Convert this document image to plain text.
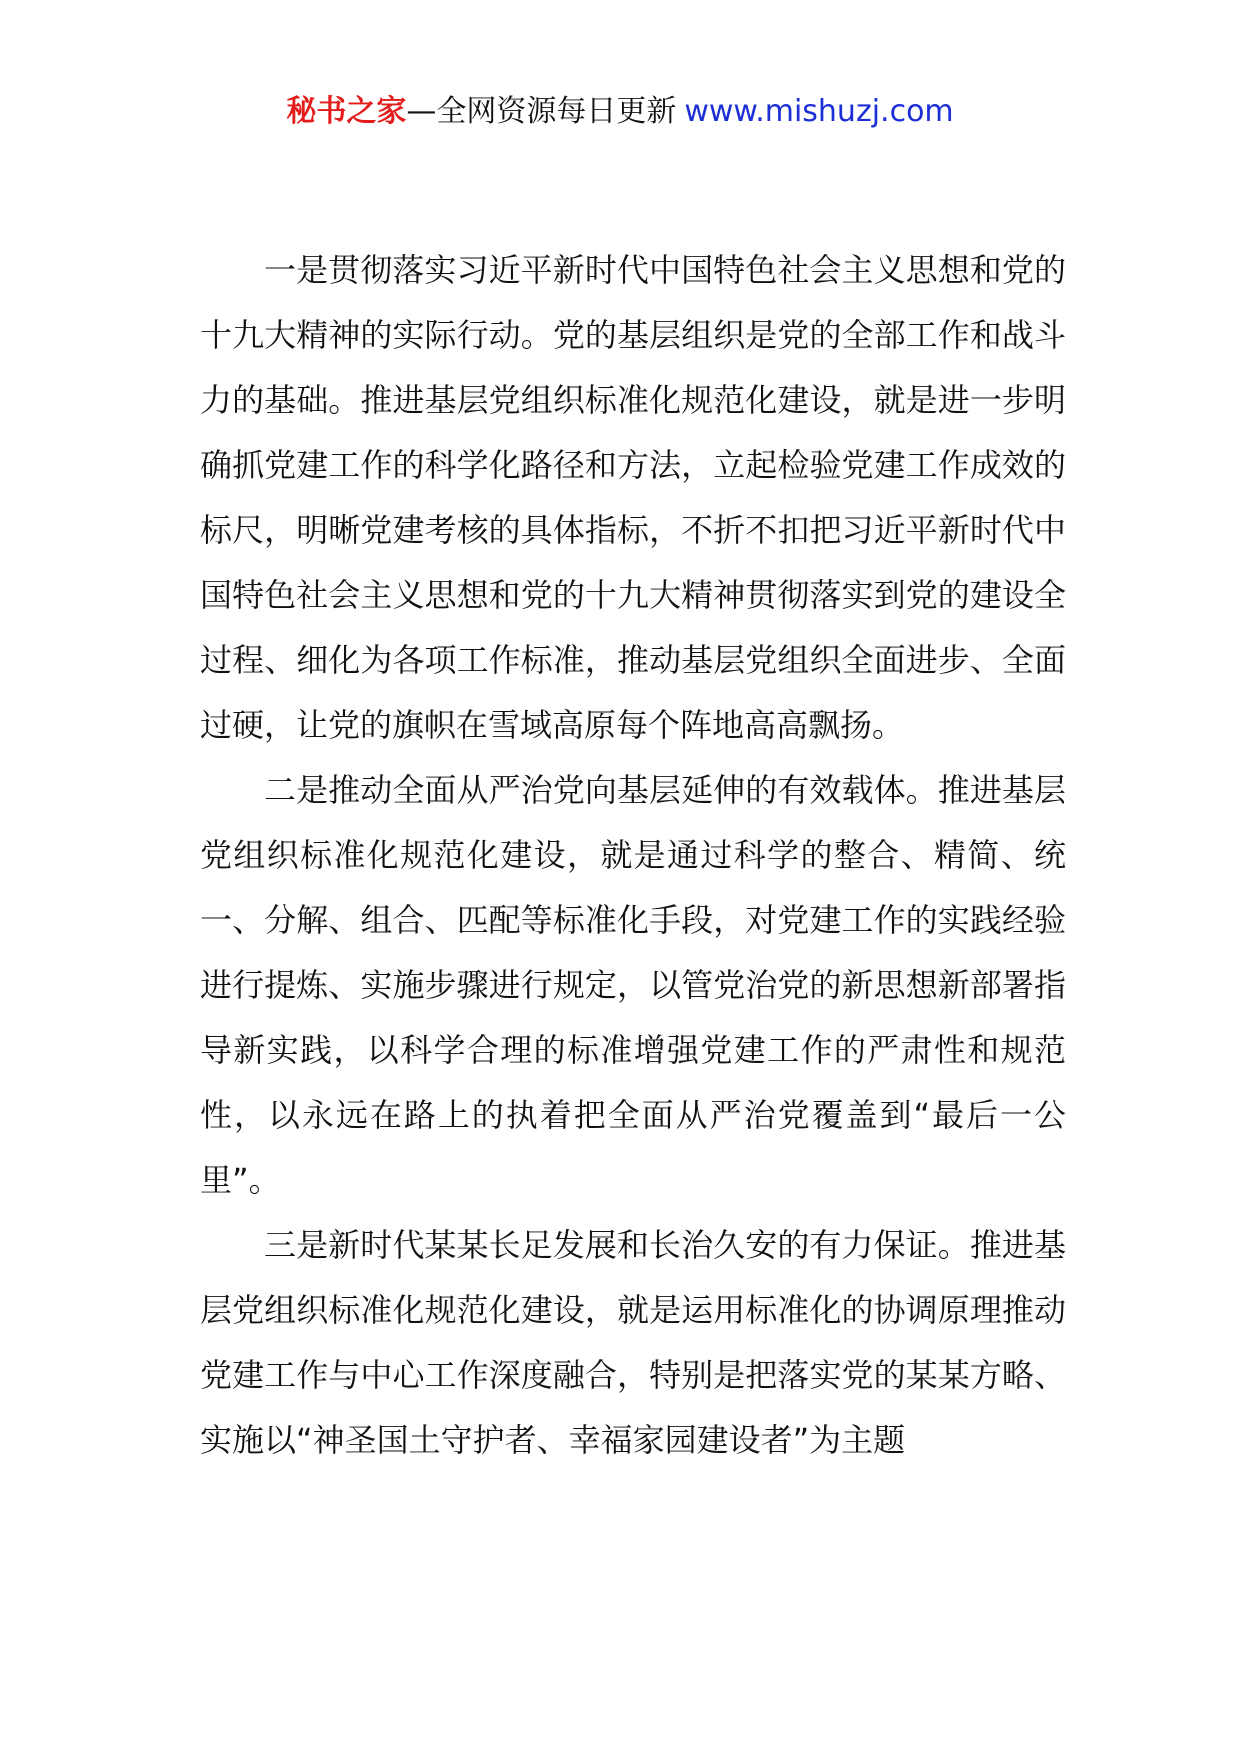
秘书之家—全网资源每日更新 www.mishuzj.com

一是贯彻落实习近平新时代中国特色社会主义思想和党的十九大精神的实际行动。党的基层组织是党的全部工作和战斗力的基础。推进基层党组织标准化规范化建设，就是进一步明确抓党建工作的科学化路径和方法，立起检验党建工作成效的标尺，明晰党建考核的具体指标，不折不扣把习近平新时代中国特色社会主义思想和党的十九大精神贯彻落实到党的建设全过程、细化为各项工作标准，推动基层党组织全面进步、全面过硬，让党的旗帜在雪域高原每个阵地高高飘扬。

二是推动全面从严治党向基层延伸的有效载体。推进基层党组织标准化规范化建设，就是通过科学的整合、精简、统一、分解、组合、匹配等标准化手段，对党建工作的实践经验进行提炼、实施步骤进行规定，以管党治党的新思想新部署指导新实践，以科学合理的标准增强党建工作的严肃性和规范性，以永远在路上的执着把全面从严治党覆盖到“最后一公里”。

三是新时代某某长足发展和长治久安的有力保证。推进基层党组织标准化规范化建设，就是运用标准化的协调原理推动党建工作与中心工作深度融合，特别是把落实党的某某方略、实施以“神圣国土守护者、幸福家园建设者”为主题
